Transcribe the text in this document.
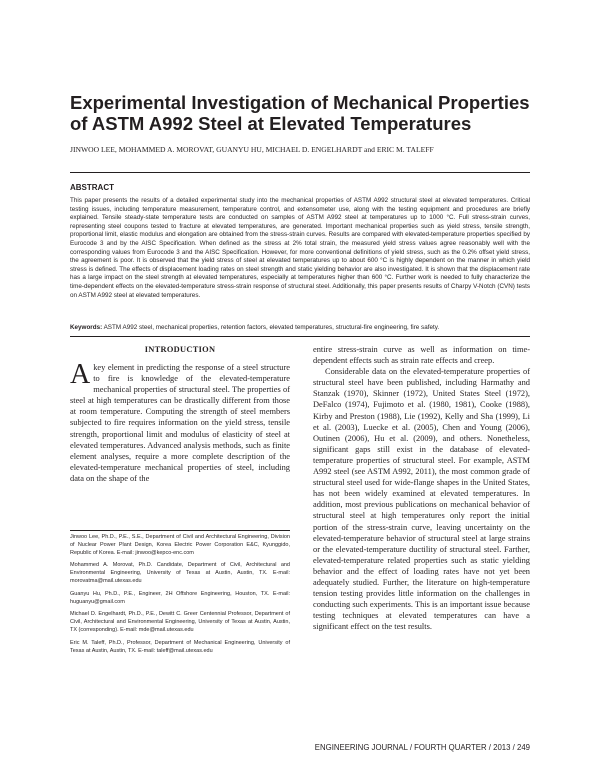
Experimental Investigation of Mechanical Properties of ASTM A992 Steel at Elevated Temperatures
JINWOO LEE, MOHAMMED A. MOROVAT, GUANYU HU, MICHAEL D. ENGELHARDT and ERIC M. TALEFF
ABSTRACT

This paper presents the results of a detailed experimental study into the mechanical properties of ASTM A992 structural steel at elevated temperatures. Critical testing issues, including temperature measurement, temperature control, and extensometer use, along with the testing equipment and procedures are briefly explained. Tensile steady-state temperature tests are conducted on samples of ASTM A992 steel at temperatures up to 1000 °C. Full stress-strain curves, representing steel coupons tested to fracture at elevated temperatures, are generated. Important mechanical properties such as yield stress, tensile strength, proportional limit, elastic modulus and elongation are obtained from the stress-strain curves. Results are compared with elevated-temperature properties specified by Eurocode 3 and by the AISC Specification. When defined as the stress at 2% total strain, the measured yield stress values agree reasonably well with the corresponding values from Eurocode 3 and the AISC Specification. However, for more conventional definitions of yield stress, such as the 0.2% offset yield stress, the agreement is poor. It is observed that the yield stress of steel at elevated temperatures up to about 600 °C is highly dependent on the manner in which yield stress is defined. The effects of displacement loading rates on steel strength and static yielding behavior are also investigated. It is shown that the displacement rate has a large impact on the steel strength at elevated temperatures, especially at temperatures higher than 600 °C. Further work is needed to fully characterize the time-dependent effects on the elevated-temperature stress-strain response of structural steel. Additionally, this paper presents results of Charpy V-Notch (CVN) tests on ASTM A992 steel at elevated temperatures.

Keywords: ASTM A992 steel, mechanical properties, retention factors, elevated temperatures, structural-fire engineering, fire safety.
INTRODUCTION

Akey element in predicting the response of a steel structure to fire is knowledge of the elevated-temperature mechanical properties of structural steel. The properties of steel at high temperatures can be drastically different from those at room temperature. Computing the strength of steel members subjected to fire requires information on the yield stress, tensile strength, proportional limit and modulus of elasticity of steel at elevated temperatures. Advanced analysis methods, such as finite element analyses, require a more complete description of the elevated-temperature mechanical properties of steel, including data on the shape of the

Jinwoo Lee, Ph.D., P.E., S.E., Department of Civil and Architectural Engineering, Division of Nuclear Power Plant Design, Korea Electric Power Corporation E&C, Kyunggido, Republic of Korea. E-mail: jinwoo@kepco-enc.com

Mohammed A. Morovat, Ph.D. Candidate, Department of Civil, Architectural and Environmental Engineering, University of Texas at Austin, Austin, TX. E-mail: morovatma@mail.utexas.edu

Guanyu Hu, Ph.D., P.E., Engineer, 2H Offshore Engineering, Houston, TX. E-mail: huguanyu@gmail.com

Michael D. Engelhardt, Ph.D., P.E., Dewitt C. Greer Centennial Professor, Department of Civil, Architectural and Environmental Engineering, University of Texas at Austin, Austin, TX (corresponding). E-mail: mde@mail.utexas.edu

Eric M. Taleff, Ph.D., Professor, Department of Mechanical Engineering, University of Texas at Austin, Austin, TX. E-mail: taleff@mail.utexas.edu

entire stress-strain curve as well as information on time-dependent effects such as strain rate effects and creep.

Considerable data on the elevated-temperature properties of structural steel have been published, including Harmathy and Stanzak (1970), Skinner (1972), United States Steel (1972), DeFalco (1974), Fujimoto et al. (1980, 1981), Cooke (1988), Kirby and Preston (1988), Lie (1992), Kelly and Sha (1999), Li et al. (2003), Luecke et al. (2005), Chen and Young (2006), Outinen (2006), Hu et al. (2009), and others. Nonetheless, significant gaps still exist in the database of elevated-temperature properties of structural steel. For example, ASTM A992 steel (see ASTM A992, 2011), the most common grade of structural steel used for wide-flange shapes in the United States, has not been widely examined at elevated temperatures. In addition, most previous publications on mechanical behavior of structural steel at high temperatures only report the initial portion of the stress-strain curve, leaving uncertainty on the elevated-temperature behavior of structural steel at large strains or the elevated-temperature ductility of structural steel. Farther, elevated-temperature related properties such as static yielding behavior and the effect of loading rates have not yet been adequately studied. Further, the literature on high-temperature tension testing provides little information on the challenges in conducting such experiments. This is an important issue because testing techniques at elevated temperatures can have a significant effect on the test results.

ENGINEERING JOURNAL / FOURTH QUARTER / 2013 / 249
